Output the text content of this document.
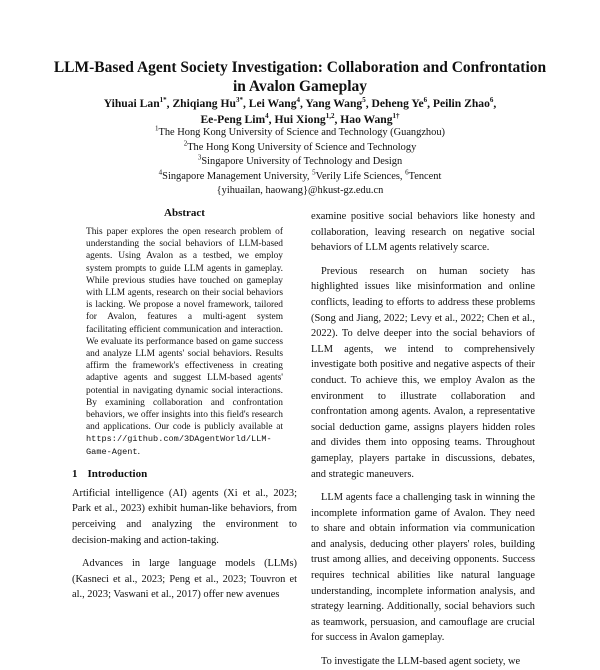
LLM-Based Agent Society Investigation: Collaboration and Confrontation
in Avalon Gameplay
Yihuai Lan$^{1*}$, Zhiqiang $Hu^{3*}$, Lei Wang$^4$, Yang Wang$^5$, Deheng Ye$^6$, Peilin Zhao$^6$,
Ee-Peng Lim$^4$, Hui Xiong$^{1,2}$, Hao Wang$^{1\dagger}$
$^1$The Hong Kong University of Science and Technology (Guangzhou)
$^2$The Hong Kong University of Science and Technology
$^3$Singapore University of Technology and Design
$^4$Singapore Management University, $^5$Verily Life Sciences, $^6$Tencent
{yihuailan, haowang}@hkust-gz.edu.cn
Abstract
This paper explores the open research problem of understanding the social behaviors of LLM-based agents. Using Avalon as a testbed, we employ system prompts to guide LLM agents in gameplay. While previous studies have touched on gameplay with LLM agents, research on their social behaviors is lacking. We propose a novel framework, tailored for Avalon, features a multi-agent system facilitating efficient communication and interaction. We evaluate its performance based on game success and analyze LLM agents' social behaviors. Results affirm the framework's effectiveness in creating adaptive agents and suggest LLM-based agents' potential in navigating dynamic social interactions. By examining collaboration and confrontation behaviors, we offer insights into this field's research and applications. Our code is publicly available at https://github.com/3DAgentWorld/LLM-Game-Agent.
1 Introduction

Artificial intelligence (AI) agents (Xi et al., 2023; Park et al., 2023) exhibit human-like behaviors, from perceiving and analyzing the environment to decision-making and action-taking.

Advances in large language models (LLMs) (Kasneci et al., 2023; Peng et al., 2023; Touvron et al., 2023; Vaswani et al., 2017) offer new avenues

examine positive social behaviors like honesty and collaboration, leaving research on negative social behaviors of LLM agents relatively scarce.

Previous research on human society has highlighted issues like misinformation and online conflicts, leading to efforts to address these problems (Song and Jiang, 2022; Levy et al., 2022; Chen et al., 2022). To delve deeper into the social behaviors of LLM agents, we intend to comprehensively investigate both positive and negative aspects of their conduct. To achieve this, we employ Avalon as the environment to illustrate collaboration and confrontation among agents. Avalon, a representative social deduction game, assigns players hidden roles and divides them into opposing teams. Throughout gameplay, players partake in discussions, debates, and strategic maneuvers.

LLM agents face a challenging task in winning the incomplete information game of Avalon. They need to share and obtain information via communication and analysis, deducing other players' roles, building trust among allies, and deceiving opponents. Success requires technical abilities like natural language understanding, incomplete information analysis, and strategy learning. Additionally, social behaviors such as teamwork, persuasion, and camouflage are crucial for success in Avalon gameplay.

To investigate the LLM-based agent society, we
